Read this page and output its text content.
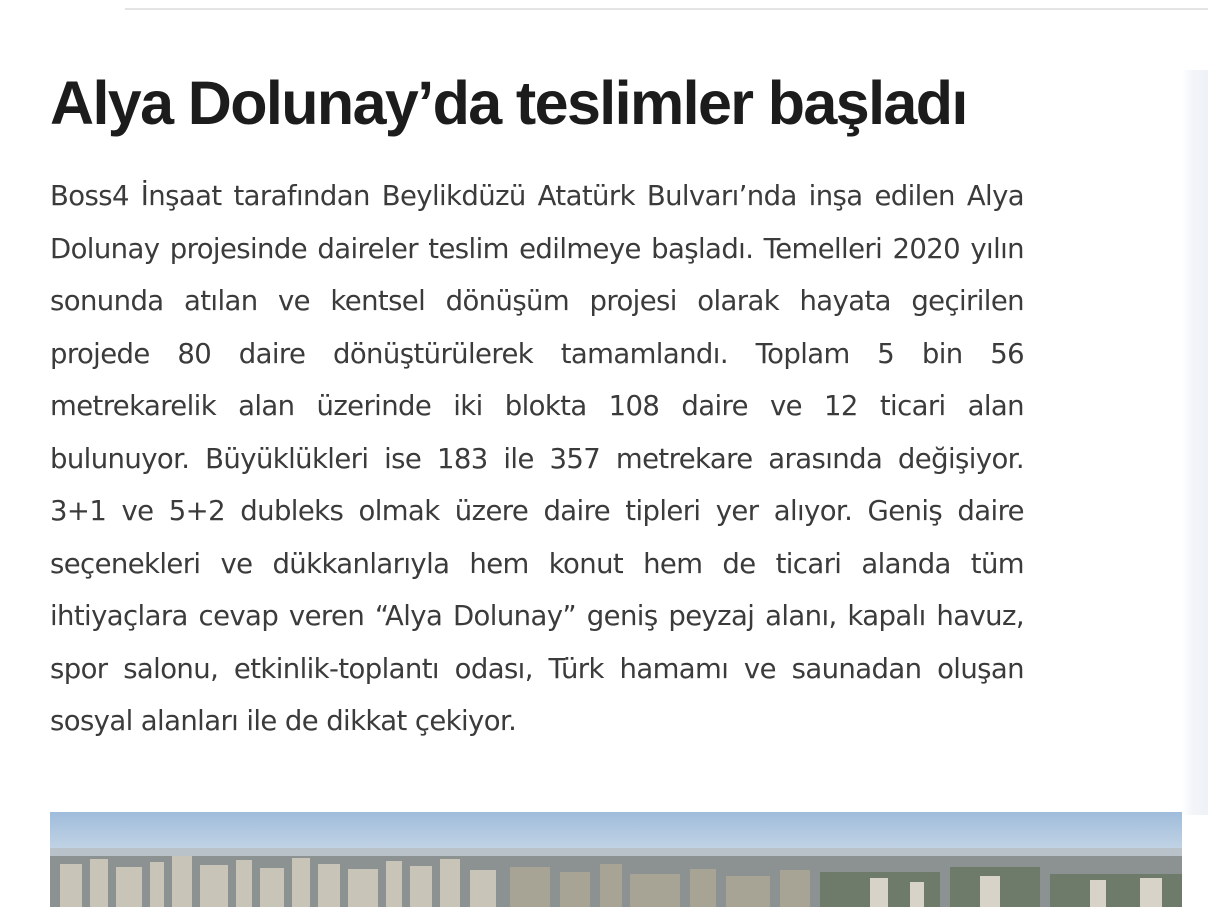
Alya Dolunay’da teslimler başladı

Boss4 İnşaat tarafından Beylikdüzü Atatürk Bulvarı’nda inşa edilen Alya Dolunay projesinde daireler teslim edilmeye başladı. Temelleri 2020 yılın sonunda atılan ve kentsel dönüşüm projesi olarak hayata geçirilen projede 80 daire dönüştürülerek tamamlandı. Toplam 5 bin 56 metrekarelik alan üzerinde iki blokta 108 daire ve 12 ticari alan bulunuyor. Büyüklükleri ise 183 ile 357 metrekare arasında değişiyor. 3+1 ve 5+2 dubleks olmak üzere daire tipleri yer alıyor. Geniş daire seçenekleri ve dükkanlarıyla hem konut hem de ticari alanda tüm ihtiyaçlara cevap veren “Alya Dolunay” geniş peyzaj alanı, kapalı havuz, spor salonu, etkinlik-toplantı odası, Türk hamamı ve saunadan oluşan sosyal alanları ile de dikkat çekiyor.
